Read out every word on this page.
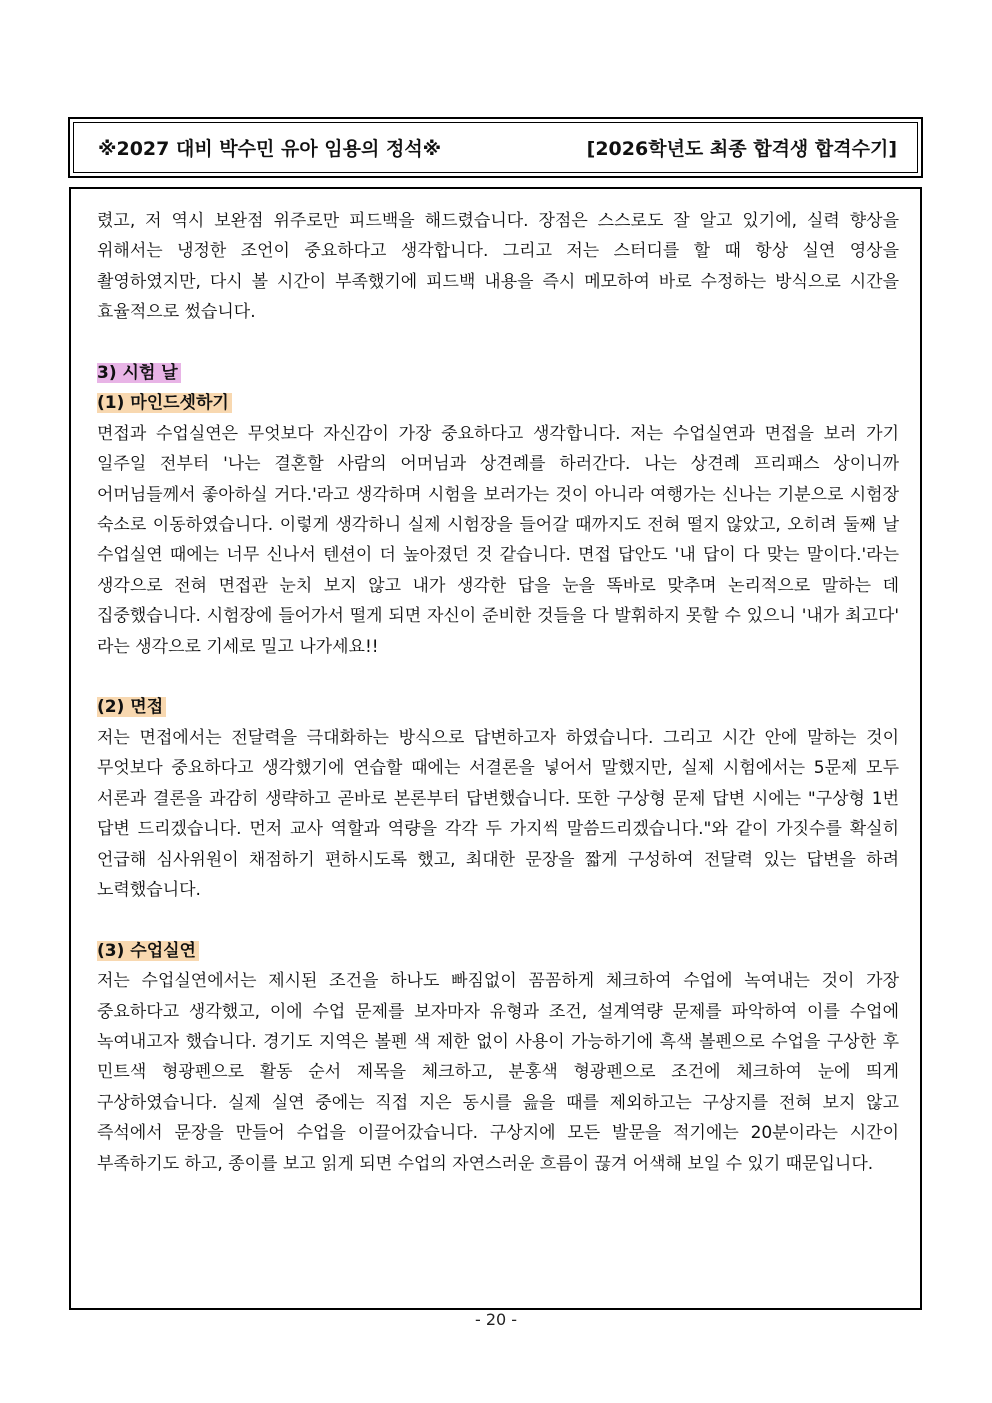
※2027 대비 박수민 유아 임용의 정석※	[2026학년도 최종 합격생 합격수기]

렸고, 저 역시 보완점 위주로만 피드백을 해드렸습니다. 장점은 스스로도 잘 알고 있기에, 실력 향상을 위해서는 냉정한 조언이 중요하다고 생각합니다. 그리고 저는 스터디를 할 때 항상 실연 영상을 촬영하였지만, 다시 볼 시간이 부족했기에 피드백 내용을 즉시 메모하여 바로 수정하는 방식으로 시간을 효율적으로 썼습니다.

3) 시험 날
(1) 마인드셋하기

면접과 수업실연은 무엇보다 자신감이 가장 중요하다고 생각합니다. 저는 수업실연과 면접을 보러 가기 일주일 전부터 '나는 결혼할 사람의 어머님과 상견례를 하러간다. 나는 상견례 프리패스 상이니까 어머님들께서 좋아하실 거다.'라고 생각하며 시험을 보러가는 것이 아니라 여행가는 신나는 기분으로 시험장 숙소로 이동하였습니다. 이렇게 생각하니 실제 시험장을 들어갈 때까지도 전혀 떨지 않았고, 오히려 둘째 날 수업실연 때에는 너무 신나서 텐션이 더 높아졌던 것 같습니다. 면접 답안도 '내 답이 다 맞는 말이다.'라는 생각으로 전혀 면접관 눈치 보지 않고 내가 생각한 답을 눈을 똑바로 맞추며 논리적으로 말하는 데 집중했습니다. 시험장에 들어가서 떨게 되면 자신이 준비한 것들을 다 발휘하지 못할 수 있으니 '내가 최고다' 라는 생각으로 기세로 밀고 나가세요!!

(2) 면접

저는 면접에서는 전달력을 극대화하는 방식으로 답변하고자 하였습니다. 그리고 시간 안에 말하는 것이 무엇보다 중요하다고 생각했기에 연습할 때에는 서결론을 넣어서 말했지만, 실제 시험에서는 5문제 모두 서론과 결론을 과감히 생략하고 곧바로 본론부터 답변했습니다. 또한 구상형 문제 답변 시에는 "구상형 1번 답변 드리겠습니다. 먼저 교사 역할과 역량을 각각 두 가지씩 말씀드리겠습니다."와 같이 가짓수를 확실히 언급해 심사위원이 채점하기 편하시도록 했고, 최대한 문장을 짧게 구성하여 전달력 있는 답변을 하려 노력했습니다.

(3) 수업실연

저는 수업실연에서는 제시된 조건을 하나도 빠짐없이 꼼꼼하게 체크하여 수업에 녹여내는 것이 가장 중요하다고 생각했고, 이에 수업 문제를 보자마자 유형과 조건, 설계역량 문제를 파악하여 이를 수업에 녹여내고자 했습니다. 경기도 지역은 볼펜 색 제한 없이 사용이 가능하기에 흑색 볼펜으로 수업을 구상한 후 민트색 형광펜으로 활동 순서 제목을 체크하고, 분홍색 형광펜으로 조건에 체크하여 눈에 띄게 구상하였습니다. 실제 실연 중에는 직접 지은 동시를 읊을 때를 제외하고는 구상지를 전혀 보지 않고 즉석에서 문장을 만들어 수업을 이끌어갔습니다. 구상지에 모든 발문을 적기에는 20분이라는 시간이 부족하기도 하고, 종이를 보고 읽게 되면 수업의 자연스러운 흐름이 끊겨 어색해 보일 수 있기 때문입니다.

- 20 -
